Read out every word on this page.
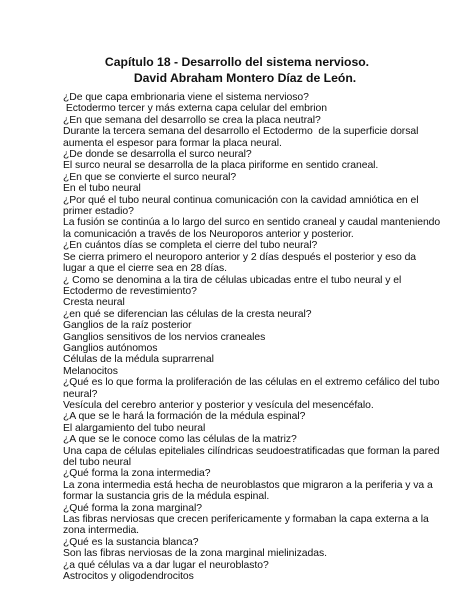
Capítulo 18 - Desarrollo del sistema nervioso.
David Abraham Montero Díaz de León.
¿De que capa embrionaria viene el sistema nervioso?
Ectodermo tercer y más externa capa celular del embrion
¿En que semana del desarrollo se crea la placa neutral?
Durante la tercera semana del desarrollo el Ectodermo  de la superficie dorsal
aumenta el espesor para formar la placa neural.
¿De donde se desarrolla el surco neural?
El surco neural se desarrolla de la placa piriforme en sentido craneal.
¿En que se convierte el surco neural?
En el tubo neural
¿Por qué el tubo neural continua comunicación con la cavidad amniótica en el
primer estadio?
La fusión se continúa a lo largo del surco en sentido craneal y caudal manteniendo
la comunicación a través de los Neuroporos anterior y posterior.
¿En cuántos días se completa el cierre del tubo neural?
Se cierra primero el neuroporo anterior y 2 días después el posterior y eso da
lugar a que el cierre sea en 28 días.
¿ Como se denomina a la tira de células ubicadas entre el tubo neural y el
Ectodermo de revestimiento?
Cresta neural
¿en qué se diferencian las células de la cresta neural?
Ganglios de la raíz posterior
Ganglios sensitivos de los nervios craneales
Ganglios autónomos
Células de la médula suprarrenal
Melanocitos
¿Qué es lo que forma la proliferación de las células en el extremo cefálico del tubo
neural?
Vesícula del cerebro anterior y posterior y vesícula del mesencéfalo.
¿A que se le hará la formación de la médula espinal?
El alargamiento del tubo neural
¿A que se le conoce como las células de la matriz?
Una capa de células epiteliales cilíndricas seudoestratificadas que forman la pared
del tubo neural
¿Qué forma la zona intermedia?
La zona intermedia está hecha de neuroblastos que migraron a la periferia y va a
formar la sustancia gris de la médula espinal.
¿Qué forma la zona marginal?
Las fibras nerviosas que crecen perifericamente y formaban la capa externa a la
zona intermedia.
¿Qué es la sustancia blanca?
Son las fibras nerviosas de la zona marginal mielinizadas.
¿a qué células va a dar lugar el neuroblasto?
Astrocitos y oligodendrocitos
